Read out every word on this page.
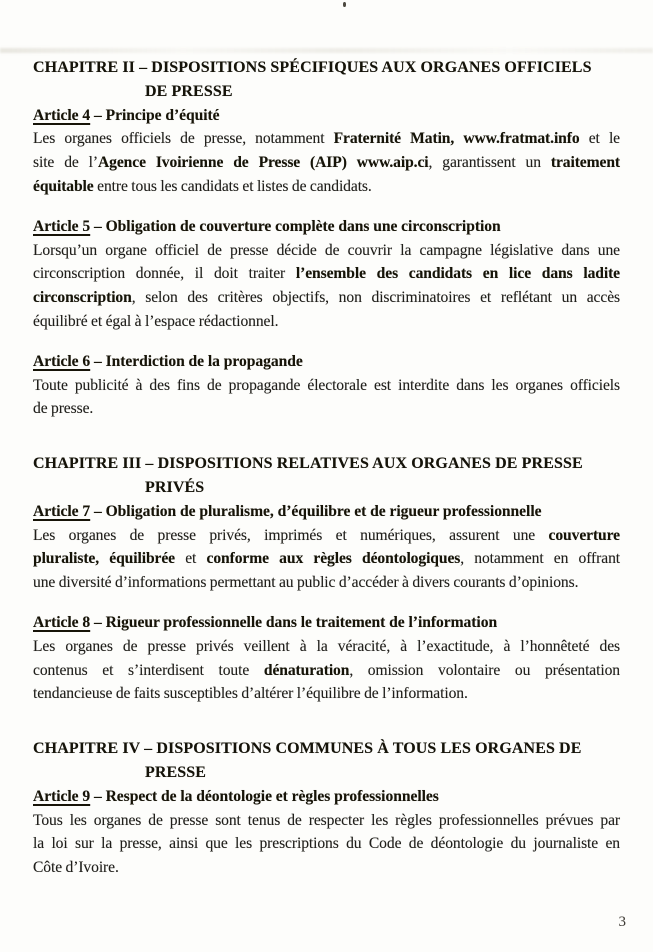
CHAPITRE II – DISPOSITIONS SPÉCIFIQUES AUX ORGANES OFFICIELS
DE PRESSE
Article 4 – Principe d’équité
Les organes officiels de presse, notamment Fraternité Matin, www.fratmat.info et le
site de l’Agence Ivoirienne de Presse (AIP) www.aip.ci, garantissent un traitement
équitable entre tous les candidats et listes de candidats.
Article 5 – Obligation de couverture complète dans une circonscription
Lorsqu’un organe officiel de presse décide de couvrir la campagne législative dans une
circonscription donnée, il doit traiter l’ensemble des candidats en lice dans ladite
circonscription, selon des critères objectifs, non discriminatoires et reflétant un accès
équilibré et égal à l’espace rédactionnel.
Article 6 – Interdiction de la propagande
Toute publicité à des fins de propagande électorale est interdite dans les organes officiels
de presse.
CHAPITRE III – DISPOSITIONS RELATIVES AUX ORGANES DE PRESSE
PRIVÉS
Article 7 – Obligation de pluralisme, d’équilibre et de rigueur professionnelle
Les organes de presse privés, imprimés et numériques, assurent une couverture
pluraliste, équilibrée et conforme aux règles déontologiques, notamment en offrant
une diversité d’informations permettant au public d’accéder à divers courants d’opinions.
Article 8 – Rigueur professionnelle dans le traitement de l’information
Les organes de presse privés veillent à la véracité, à l’exactitude, à l’honnêteté des
contenus et s’interdisent toute dénaturation, omission volontaire ou présentation
tendancieuse de faits susceptibles d’altérer l’équilibre de l’information.
CHAPITRE IV – DISPOSITIONS COMMUNES À TOUS LES ORGANES DE
PRESSE
Article 9 – Respect de la déontologie et règles professionnelles
Tous les organes de presse sont tenus de respecter les règles professionnelles prévues par
la loi sur la presse, ainsi que les prescriptions du Code de déontologie du journaliste en
Côte d’Ivoire.
3
